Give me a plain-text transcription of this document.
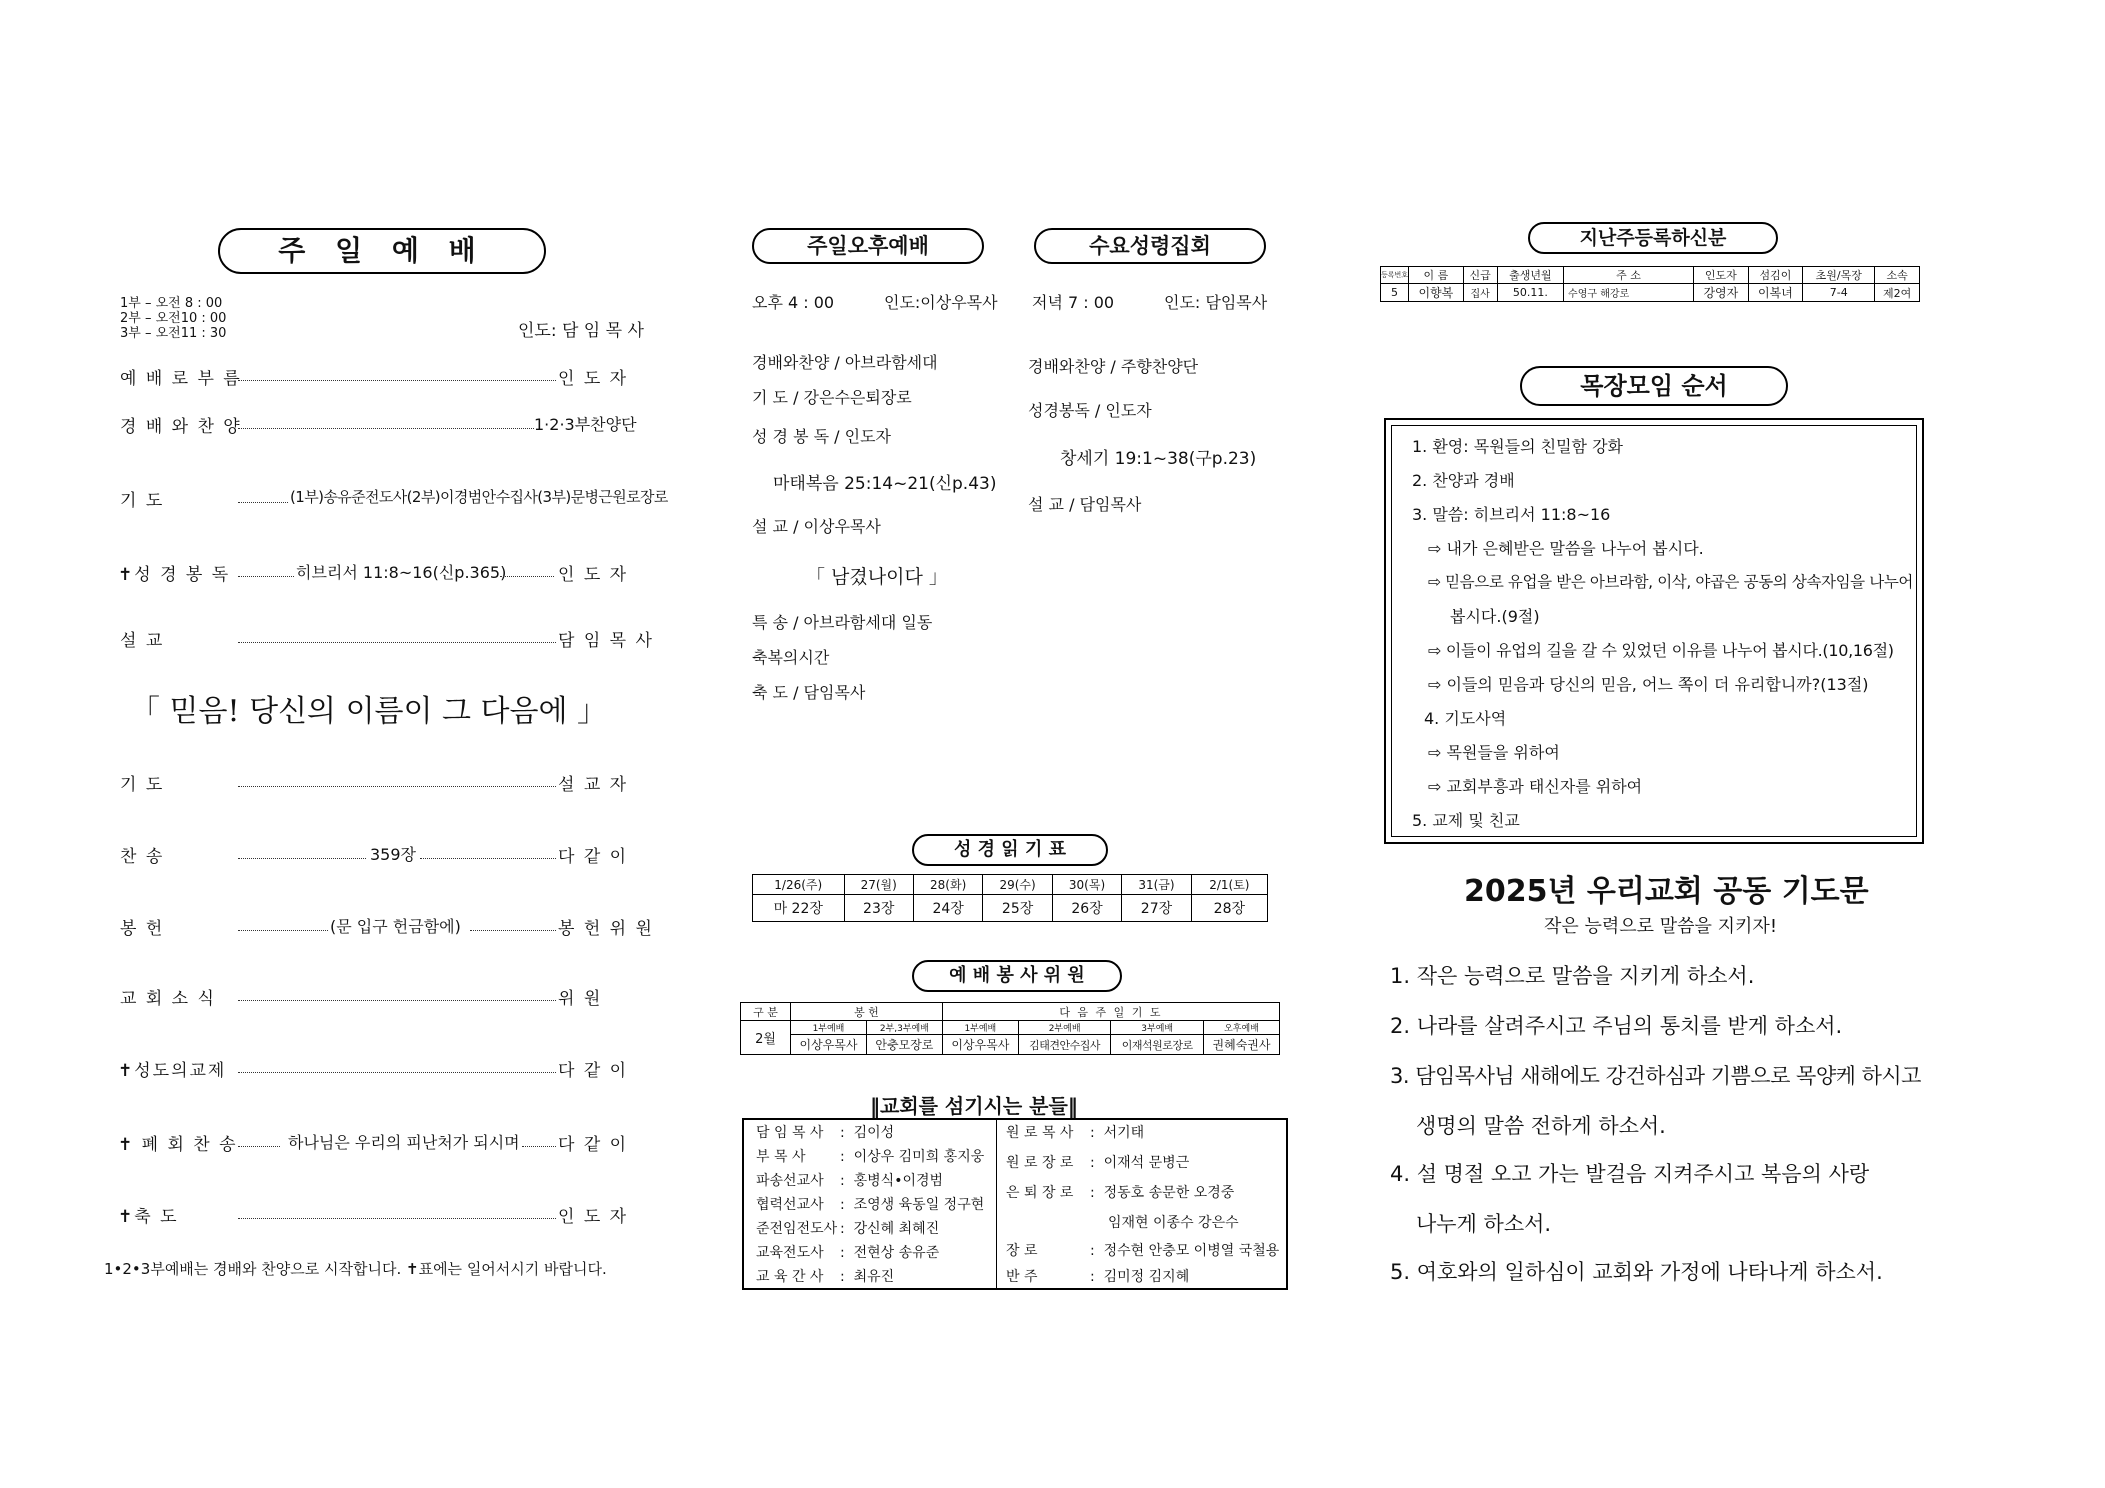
주 일 예 배
1부 – 오전 8 : 00
2부 – 오전10 : 00
3부 – 오전11 : 30	인도: 담 임 목 사
예 배 로 부 름	인 도 자
경 배 와 찬 양	1·2·3부찬양단
기 도	(1부)송유준전도사(2부)이경범안수집사(3부)문병근원로장로
✝성 경 봉 독	히브리서 11:8~16(신p.365)	인 도 자
설 교	담 임 목 사
「 믿음! 당신의 이름이 그 다음에 」
기 도	설 교 자
찬 송	359장	다 같 이
봉 헌	(문 입구 헌금함에)	봉 헌 위 원
교 회 소 식	위 원
✝성도의교제	다 같 이
✝ 폐 회 찬 송	하나님은 우리의 피난처가 되시며 다 같 이
✝축 도	인 도 자
1•2•3부예배는 경배와 찬양으로 시작합니다. ✝표에는 일어서시기 바랍니다.
주일오후예배	수요성령집회
오후 4 : 00	인도:이상우목사 저녁 7 : 00	인도: 담임목사
경배와찬양 / 아브라함세대
기 도 / 강은수은퇴장로
성 경 봉 독 / 인도자
마태복음 25:14~21(신p.43)
설 교 / 이상우목사
「 남겼나이다 」
특 송 / 아브라함세대 일동
축복의시간
축 도 / 담임목사
경배와찬양 / 주향찬양단
성경봉독 / 인도자
창세기 19:1~38(구p.23)
설 교 / 담임목사
성 경 읽 기 표
1/26(주)	27(월)	28(화)	29(수)	30(목)	31(금)	2/1(토)
마 22장	23장	24장	25장	26장	27장	28장
예 배 봉 사 위 원
구 분	봉 헌		다 음 주 일 기 도			
2월	1부예배	2부,3부예배	1부예배	2부예배	3부예배	오후예배
	이상우목사	안충모장로	이상우목사	김태견안수집사	이재석원로장로	권혜숙권사
‖교회를 섬기시는 분들‖
담 임 목 사 :  김이성
부 목 사 :  이상우 김미희 홍지웅
파송선교사 :  홍병식•이경범
협력선교사 :  조영생 육동일 정구현
준전임전도사 :  강신혜 최혜진
교육전도사 :  전현상 송유준
교 육 간 사 :  최유진
원 로 목 사 :  서기태
원 로 장 로 :  이재석 문병근
은 퇴 장 로 :  정동호 송문한 오경중
임재현 이종수 강은수
장 로	:  정수현 안충모 이병열 국철용
반 주	:  김미정 김지혜
지난주등록하신분
등록번호	이 름	신급	출생년월	주 소	인도자	섬김이	초원/목장	소속
5	이향복	집사	50.11.	수영구 해강로	강영자	이복녀	7-4	제2여
목장모임 순서
1. 환영: 목원들의 친밀함 강화
2. 찬양과 경배
3. 말씀: 히브리서 11:8~16
⇨ 내가 은혜받은 말씀을 나누어 봅시다.
⇨ 믿음으로 유업을 받은 아브라함, 이삭, 야곱은 공동의 상속자임을 나누어
봅시다.(9절)
⇨ 이들이 유업의 길을 갈 수 있었던 이유를 나누어 봅시다.(10,16절)
⇨ 이들의 믿음과 당신의 믿음, 어느 쪽이 더 유리합니까?(13절)
4. 기도사역
⇨ 목원들을 위하여
⇨ 교회부흥과 태신자를 위하여
5. 교제 및 친교
2025년 우리교회 공동 기도문
작은 능력으로 말씀을 지키자!
1. 작은 능력으로 말씀을 지키게 하소서.
2. 나라를 살려주시고 주님의 통치를 받게 하소서.
3. 담임목사님 새해에도 강건하심과 기쁨으로 목양케 하시고
생명의 말씀 전하게 하소서.
4. 설 명절 오고 가는 발걸음 지켜주시고 복음의 사랑
나누게 하소서.
5. 여호와의 일하심이 교회와 가정에 나타나게 하소서.
